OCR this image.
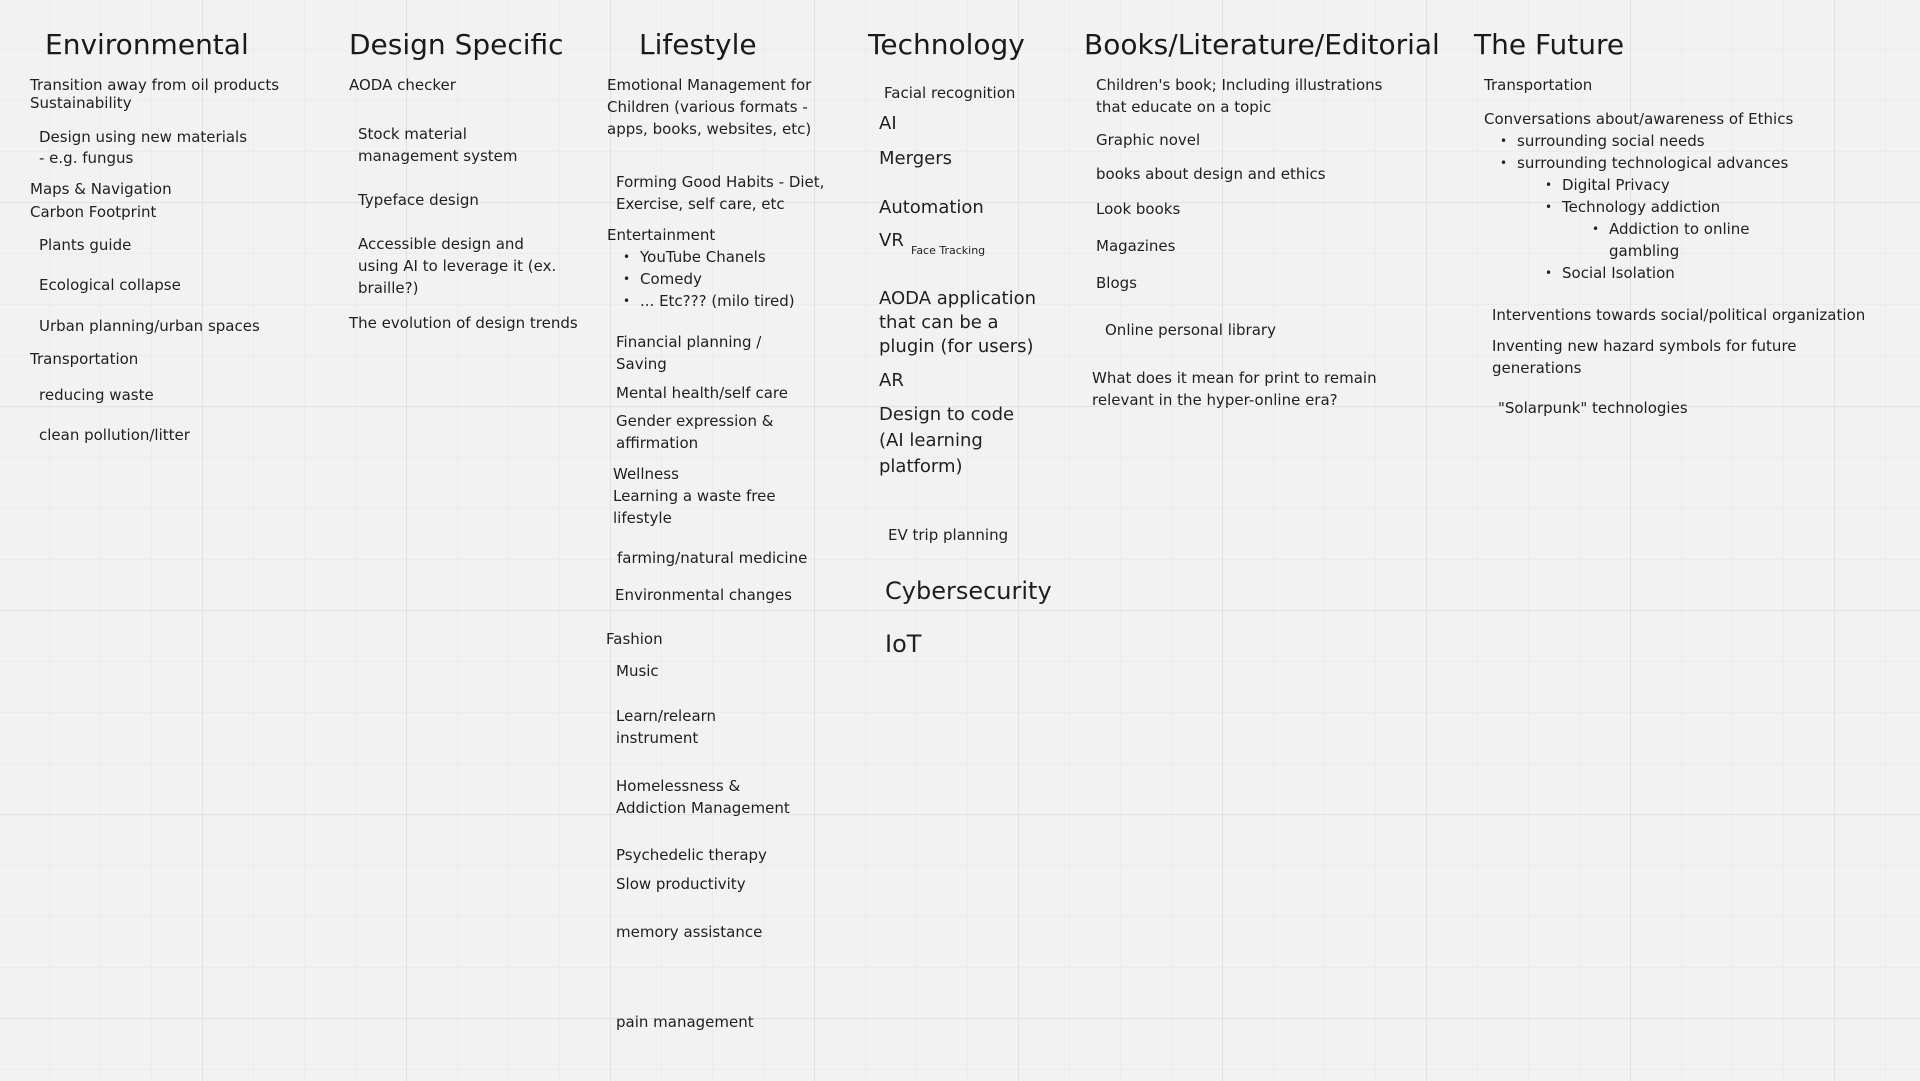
Environmental
Transition away from oil products
Sustainability
Design using new materials
- e.g. fungus
Maps & Navigation
Carbon Footprint
Plants guide
Ecological collapse
Urban planning/urban spaces
Transportation
reducing waste
clean pollution/litter
Design Specific
AODA checker
Stock material
management system
Typeface design
Accessible design and
using AI to leverage it (ex.
braille?)
The evolution of design trends
Lifestyle
Emotional Management for
Children (various formats -
apps, books, websites, etc)
Forming Good Habits - Diet,
Exercise, self care, etc
Entertainment
• YouTube Chanels
• Comedy
• ... Etc??? (milo tired)
Financial planning /
Saving
Mental health/self care
Gender expression &
affirmation
Wellness
Learning a waste free
lifestyle
farming/natural medicine
Environmental changes
Fashion
Music
Learn/relearn
instrument
Homelessness &
Addiction Management
Psychedelic therapy
Slow productivity
memory assistance
pain management
Technology
Facial recognition
AI
Mergers
Automation
VR Face Tracking
AODA application
that can be a
plugin (for users)
AR
Design to code
(AI learning
platform)
EV trip planning
Cybersecurity
IoT
Books/Literature/Editorial
Children's book; Including illustrations
that educate on a topic
Graphic novel
books about design and ethics
Look books
Magazines
Blogs
Online personal library
What does it mean for print to remain
relevant in the hyper-online era?
The Future
Transportation
Conversations about/awareness of Ethics
• surrounding social needs
• surrounding technological advances
• Digital Privacy
• Technology addiction
• Addiction to online
gambling
• Social Isolation
Interventions towards social/political organization
Inventing new hazard symbols for future
generations
"Solarpunk" technologies
